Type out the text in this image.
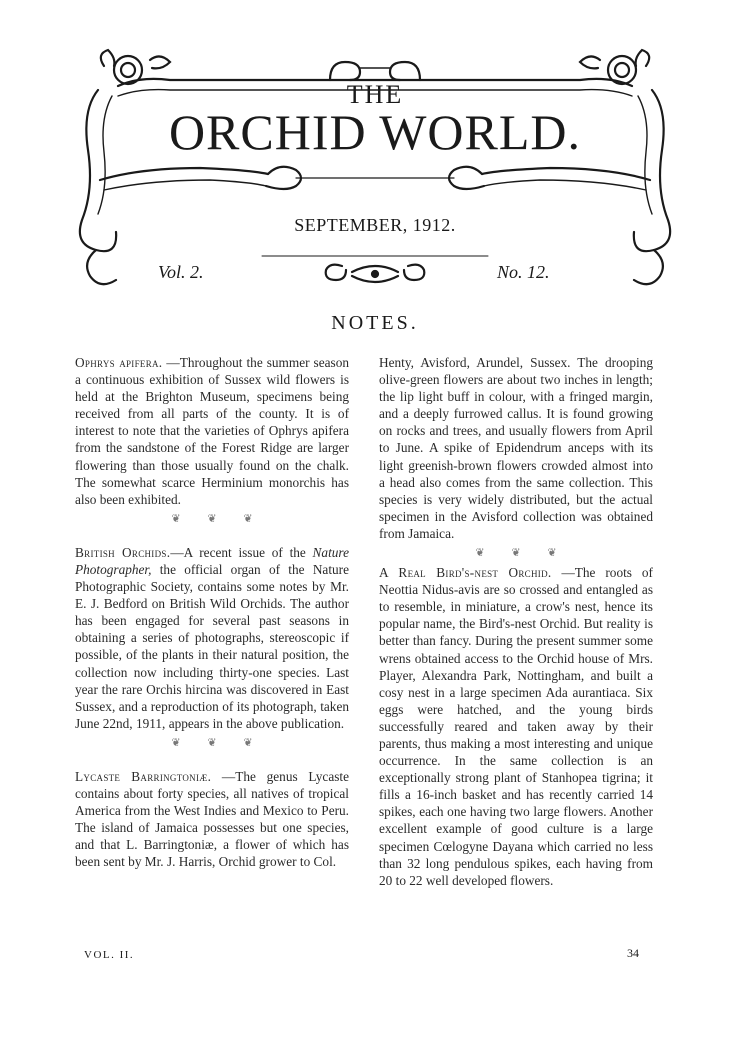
THE
ORCHID WORLD.
SEPTEMBER, 1912.
Vol. 2.	No. 12.
NOTES.

Ophrys apifera. —Throughout the summer season a continuous exhibition of Sussex wild flowers is held at the Brighton Museum, specimens being received from all parts of the county. It is of interest to note that the varieties of Ophrys apifera from the sandstone of the Forest Ridge are larger flowering than those usually found on the chalk. The somewhat scarce Herminium monorchis has also been exhibited.

❦ ❦ ❦

British Orchids.—A recent issue of the Nature Photographer, the official organ of the Nature Photographic Society, contains some notes by Mr. E. J. Bedford on British Wild Orchids. The author has been engaged for several past seasons in obtaining a series of photographs, stereoscopic if possible, of the plants in their natural position, the collection now including thirty-one species. Last year the rare Orchis hircina was discovered in East Sussex, and a reproduction of its photograph, taken June 22nd, 1911, appears in the above publication.

❦ ❦ ❦

Lycaste Barringtoniæ. —The genus Lycaste contains about forty species, all natives of tropical America from the West Indies and Mexico to Peru. The island of Jamaica possesses but one species, and that L. Barringtoniæ, a flower of which has been sent by Mr. J. Harris, Orchid grower to Col.

Henty, Avisford, Arundel, Sussex. The drooping olive-green flowers are about two inches in length; the lip light buff in colour, with a fringed margin, and a deeply furrowed callus. It is found growing on rocks and trees, and usually flowers from April to June. A spike of Epidendrum anceps with its light greenish-brown flowers crowded almost into a head also comes from the same collection. This species is very widely distributed, but the actual specimen in the Avisford collection was obtained from Jamaica.

❦ ❦ ❦

A Real Bird's-nest Orchid. —The roots of Neottia Nidus-avis are so crossed and entangled as to resemble, in miniature, a crow's nest, hence its popular name, the Bird's-nest Orchid. But reality is better than fancy. During the present summer some wrens obtained access to the Orchid house of Mrs. Player, Alexandra Park, Nottingham, and built a cosy nest in a large specimen Ada aurantiaca. Six eggs were hatched, and the young birds successfully reared and taken away by their parents, thus making a most interesting and unique occurrence. In the same collection is an exceptionally strong plant of Stanhopea tigrina; it fills a 16-inch basket and has recently carried 14 spikes, each one having two large flowers. Another excellent example of good culture is a large specimen Cœlogyne Dayana which carried no less than 32 long pendulous spikes, each having from 20 to 22 well developed flowers.

VOL. II.	34
